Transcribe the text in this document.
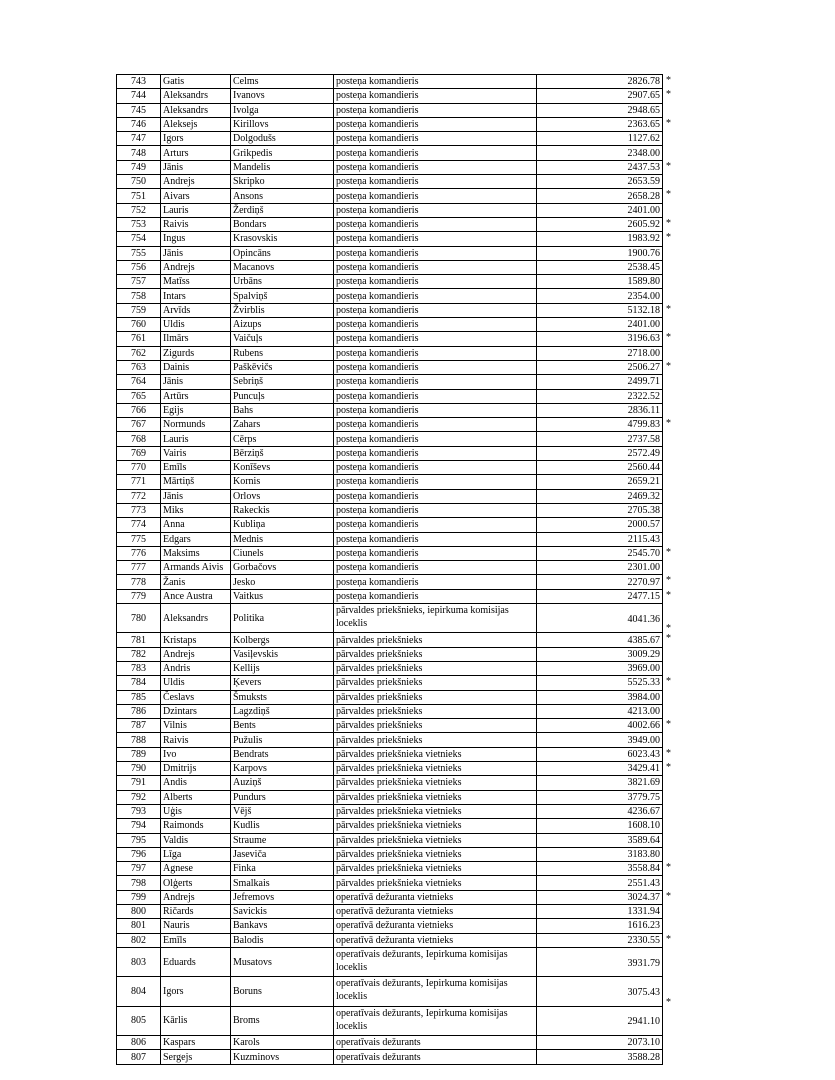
743	Gatis	Celms	posteņa komandieris	2826.78 *

744	Aleksandrs	Ivanovs	posteņa komandieris	2907.65 *

745	Aleksandrs	Ivolga	posteņa komandieris	2948.65
746	Aleksejs	Kirillovs	posteņa komandieris	2363.65 *

747	Igors	Dolgodušs	posteņa komandieris	1127.62
748	Arturs	Grikpedis	posteņa komandieris	2348.00
749	Jānis	Mandelis	posteņa komandieris	2437.53 *

750	Andrejs	Skripko	posteņa komandieris	2653.59
751	Aivars	Ansons	posteņa komandieris	2658.28 *

752	Lauris	Žerdiņš	posteņa komandieris	2401.00
753	Raivis	Bondars	posteņa komandieris	2605.92 *

754	Ingus	Krasovskis	posteņa komandieris	1983.92 *

755	Jānis	Opincāns	posteņa komandieris	1900.76
756	Andrejs	Macanovs	posteņa komandieris	2538.45
757	Matīss	Urbāns	posteņa komandieris	1589.80
758	Intars	Spalviņš	posteņa komandieris	2354.00
759	Arvīds	Žvirblis	posteņa komandieris	5132.18 *

760	Uldis	Aizups	posteņa komandieris	2401.00
761	Ilmārs	Vaičuļs	posteņa komandieris	3196.63 *

762	Zigurds	Rubens	posteņa komandieris	2718.00
763	Dainis	Paškēvičs	posteņa komandieris	2506.27 *

764	Jānis	Sebriņš	posteņa komandieris	2499.71
765	Artūrs	Puncuļs	posteņa komandieris	2322.52
766	Egijs	Bahs	posteņa komandieris	2836.11
767	Normunds	Zahars	posteņa komandieris	4799.83 *

768	Lauris	Cērps	posteņa komandieris	2737.58
769	Vairis	Bērziņš	posteņa komandieris	2572.49
770	Emīls	Konīševs	posteņa komandieris	2560.44
771	Mārtiņš	Kornis	posteņa komandieris	2659.21
772	Jānis	Orlovs	posteņa komandieris	2469.32
773	Miks	Rakeckis	posteņa komandieris	2705.38
774	Anna	Kubliņa	posteņa komandieris	2000.57
775	Edgars	Mednis	posteņa komandieris	2115.43
776	Maksims	Ciunels	posteņa komandieris	2545.70 *

777	Armands Aivis	Gorbačovs	posteņa komandieris	2301.00
778	Žanis	Jesko	posteņa komandieris	2270.97 *

779	Ance Austra	Vaitkus	posteņa komandieris	2477.15 *

780	Aleksandrs	Politika	pārvaldes priekšnieks, iepirkuma komisijas loceklis	4041.36
*

781	Kristaps	Kolbergs	pārvaldes priekšnieks	4385.67 *

782	Andrejs	Vasiļevskis	pārvaldes priekšnieks	3009.29
783	Andris	Kellijs	pārvaldes priekšnieks	3969.00
784	Uldis	Ķevers	pārvaldes priekšnieks	5525.33 *

785	Česlavs	Šmuksts	pārvaldes priekšnieks	3984.00
786	Dzintars	Lagzdiņš	pārvaldes priekšnieks	4213.00
787	Vilnis	Bents	pārvaldes priekšnieks	4002.66 *

788	Raivis	Pužulis	pārvaldes priekšnieks	3949.00
789	Ivo	Bendrats	pārvaldes priekšnieka vietnieks	6023.43 *

790	Dmitrijs	Karpovs	pārvaldes priekšnieka vietnieks	3429.41 *

791	Andis	Auziņš	pārvaldes priekšnieka vietnieks	3821.69
792	Alberts	Pundurs	pārvaldes priekšnieka vietnieks	3779.75
793	Uģis	Vējš	pārvaldes priekšnieka vietnieks	4236.67
794	Raimonds	Kudlis	pārvaldes priekšnieka vietnieks	1608.10
795	Valdis	Straume	pārvaldes priekšnieka vietnieks	3589.64
796	Līga	Jaseviča	pārvaldes priekšnieka vietnieks	3183.80
797	Agnese	Finka	pārvaldes priekšnieka vietnieks	3558.84 *

798	Olģerts	Smalkais	pārvaldes priekšnieka vietnieks	2551.43
799	Andrejs	Jefremovs	operatīvā dežuranta vietnieks	3024.37 *

800	Ričards	Savickis	operatīvā dežuranta vietnieks	1331.94
801	Nauris	Bankavs	operatīvā dežuranta vietnieks	1616.23
802	Emīls	Balodis	operatīvā dežuranta vietnieks	2330.55 *

803	Eduards	Musatovs	operatīvais dežurants, Iepirkuma komisijas loceklis	3931.79
804	Igors	Boruns	operatīvais dežurants, Iepirkuma komisijas loceklis	3075.43
*

805	Kārlis	Broms	operatīvais dežurants, Iepirkuma komisijas loceklis	2941.10
806	Kaspars	Karols	operatīvais dežurants	2073.10
807	Sergejs	Kuzminovs	operatīvais dežurants	3588.28
